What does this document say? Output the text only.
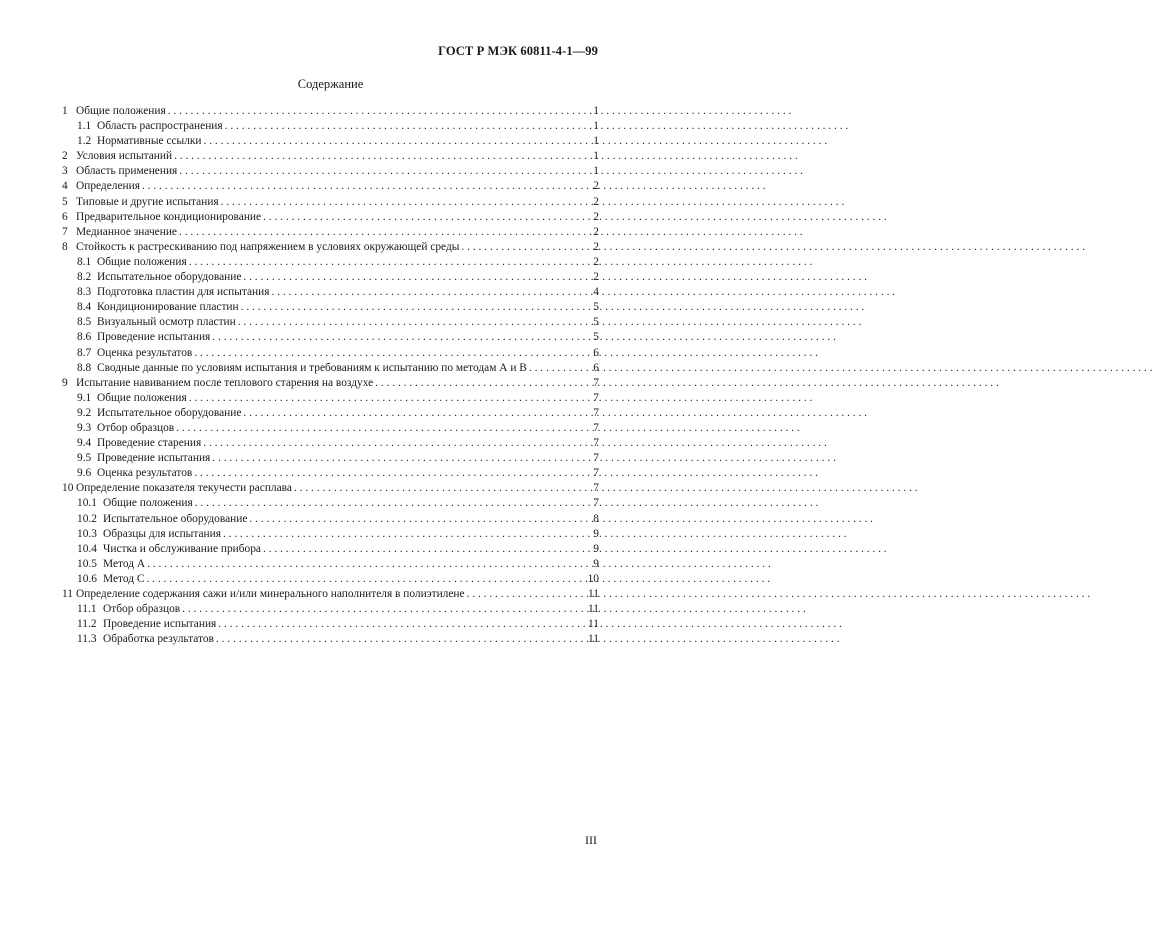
ГОСТ Р МЭК 60811-4-1—99
Содержание
1 Общие положения . . .	1
1.1 Область распространения . . .	1
1.2 Нормативные ссылки . . .	1
2 Условия испытаний . . .	1
3 Область применения . . .	1
4 Определения . . .	2
5 Типовые и другие испытания . . .	2
6 Предварительное кондиционирование . . .	2
7 Медианное значение . . .	2
8 Стойкость к растрескиванию под напряжением в условиях окружающей среды . . .	2
8.1 Общие положения . . .	2
8.2 Испытательное оборудование . . .	2
8.3 Подготовка пластин для испытания . . .	4
8.4 Кондиционирование пластин . . .	5
8.5 Визуальный осмотр пластин . . .	5
8.6 Проведение испытания . . .	5
8.7 Оценка результатов . . .	6
8.8 Сводные данные по условиям испытания и требованиям к испытанию по методам А и В . . .	6
9 Испытание навиванием после теплового старения на воздухе . . .	7
9.1 Общие положения . . .	7
9.2 Испытательное оборудование . . .	7
9.3 Отбор образцов . . .	7
9.4 Проведение старения . . .	7
9.5 Проведение испытания . . .	7
9.6 Оценка результатов . . .	7
10 Определение показателя текучести расплава . . .	7
10.1 Общие положения . . .	7
10.2 Испытательное оборудование . . .	8
10.3 Образцы для испытания . . .	9
10.4 Чистка и обслуживание прибора . . .	9
10.5 Метод А . . .	9
10.6 Метод С . . .	10
11 Определение содержания сажи и/или минерального наполнителя в полиэтилене . . .	11
11.1 Отбор образцов . . .	11
11.2 Проведение испытания . . .	11
11.3 Обработка результатов . . .	11
III
